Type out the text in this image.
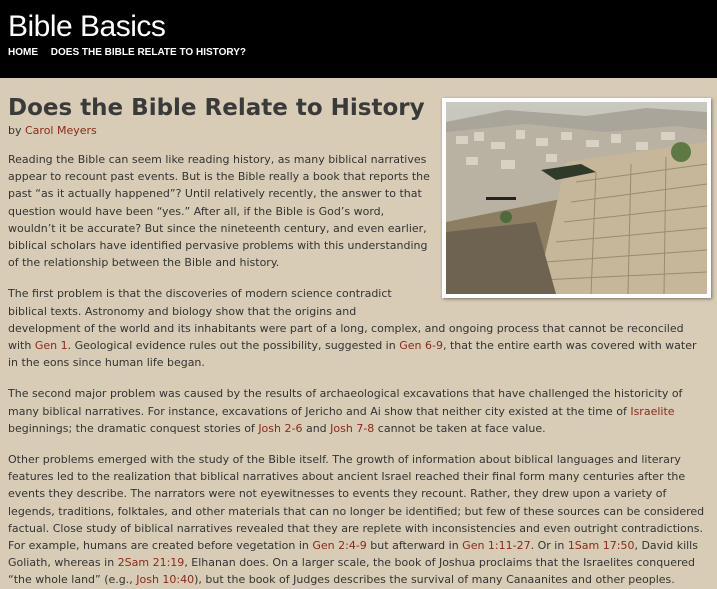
Bible Basics
HOME DOES THE BIBLE RELATE TO HISTORY?
Does the Bible Relate to History
by Carol Meyers

Reading the Bible can seem like reading history, as many biblical narratives appear to recount past events. But is the Bible really a book that reports the past “as it actually happened”? Until relatively recently, the answer to that question would have been “yes.” After all, if the Bible is God’s word, wouldn’t it be accurate? But since the nineteenth century, and even earlier, biblical scholars have identified pervasive problems with this understanding of the relationship between the Bible and history.

The first problem is that the discoveries of modern science contradict biblical texts. Astronomy and biology show that the origins and development of the world and its inhabitants were part of a long, complex, and ongoing process that cannot be reconciled with Gen 1. Geological evidence rules out the possibility, suggested in Gen 6-9, that the entire earth was covered with water in the eons since human life began.

The second major problem was caused by the results of archaeological excavations that have challenged the historicity of many biblical narratives. For instance, excavations of Jericho and Ai show that neither city existed at the time of Israelite beginnings; the dramatic conquest stories of Josh 2-6 and Josh 7-8 cannot be taken at face value.

Other problems emerged with the study of the Bible itself. The growth of information about biblical languages and literary features led to the realization that biblical narratives about ancient Israel reached their final form many centuries after the events they describe. The narrators were not eyewitnesses to events they recount. Rather, they drew upon a variety of legends, traditions, folktales, and other materials that can no longer be identified; but few of these sources can be considered factual. Close study of biblical narratives revealed that they are replete with inconsistencies and even outright contradictions. For example, humans are created before vegetation in Gen 2:4-9 but afterward in Gen 1:11-27. Or in 1Sam 17:50, David kills Goliath, whereas in 2Sam 21:19, Elhanan does. On a larger scale, the book of Joshua proclaims that the Israelites conquered “the whole land” (e.g., Josh 10:40), but the book of Judges describes the survival of many Canaanites and other peoples.
